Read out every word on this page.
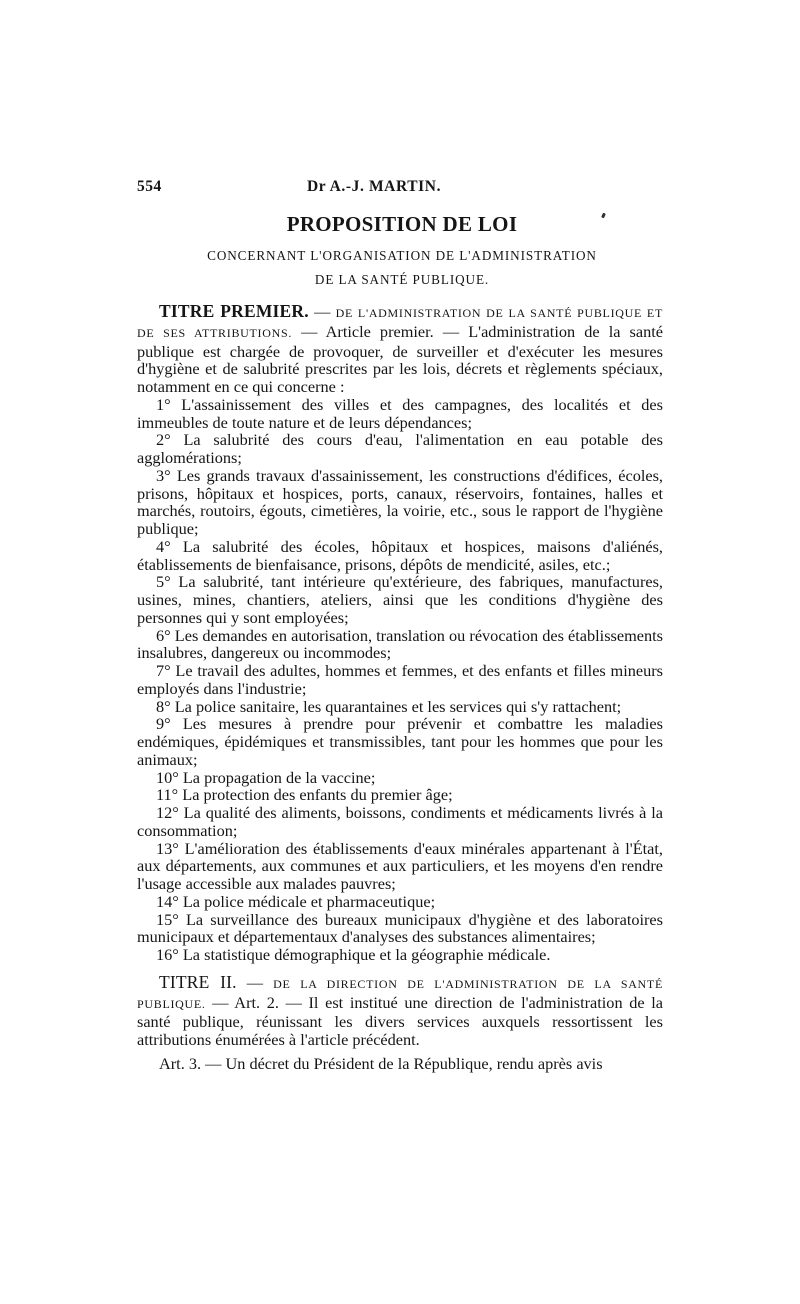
554	Dr A.-J. MARTIN.
PROPOSITION DE LOI
CONCERNANT L'ORGANISATION DE L'ADMINISTRATION
DE LA SANTÉ PUBLIQUE.

TITRE PREMIER. — DE L'ADMINISTRATION DE LA SANTÉ PUBLIQUE ET DE SES ATTRIBUTIONS. — Article premier. — L'administration de la santé publique est chargée de provoquer, de surveiller et d'exécuter les mesures d'hygiène et de salubrité prescrites par les lois, décrets et règlements spéciaux, notamment en ce qui concerne :

1° L'assainissement des villes et des campagnes, des localités et des immeubles de toute nature et de leurs dépendances;

2° La salubrité des cours d'eau, l'alimentation en eau potable des agglomérations;

3° Les grands travaux d'assainissement, les constructions d'édifices, écoles, prisons, hôpitaux et hospices, ports, canaux, réservoirs, fontaines, halles et marchés, routoirs, égouts, cimetières, la voirie, etc., sous le rapport de l'hygiène publique;

4° La salubrité des écoles, hôpitaux et hospices, maisons d'aliénés, établissements de bienfaisance, prisons, dépôts de mendicité, asiles, etc.;

5° La salubrité, tant intérieure qu'extérieure, des fabriques, manufactures, usines, mines, chantiers, ateliers, ainsi que les conditions d'hygiène des personnes qui y sont employées;

6° Les demandes en autorisation, translation ou révocation des établissements insalubres, dangereux ou incommodes;

7° Le travail des adultes, hommes et femmes, et des enfants et filles mineurs employés dans l'industrie;

8° La police sanitaire, les quarantaines et les services qui s'y rattachent;

9° Les mesures à prendre pour prévenir et combattre les maladies endémiques, épidémiques et transmissibles, tant pour les hommes que pour les animaux;

10° La propagation de la vaccine;

11° La protection des enfants du premier âge;

12° La qualité des aliments, boissons, condiments et médicaments livrés à la consommation;

13° L'amélioration des établissements d'eaux minérales appartenant à l'État, aux départements, aux communes et aux particuliers, et les moyens d'en rendre l'usage accessible aux malades pauvres;

14° La police médicale et pharmaceutique;

15° La surveillance des bureaux municipaux d'hygiène et des laboratoires municipaux et départementaux d'analyses des substances alimentaires;

16° La statistique démographique et la géographie médicale.

TITRE II. — DE LA DIRECTION DE L'ADMINISTRATION DE LA SANTÉ PUBLIQUE. — Art. 2. — Il est institué une direction de l'administration de la santé publique, réunissant les divers services auxquels ressortissent les attributions énumérées à l'article précédent.

Art. 3. — Un décret du Président de la République, rendu après avis
